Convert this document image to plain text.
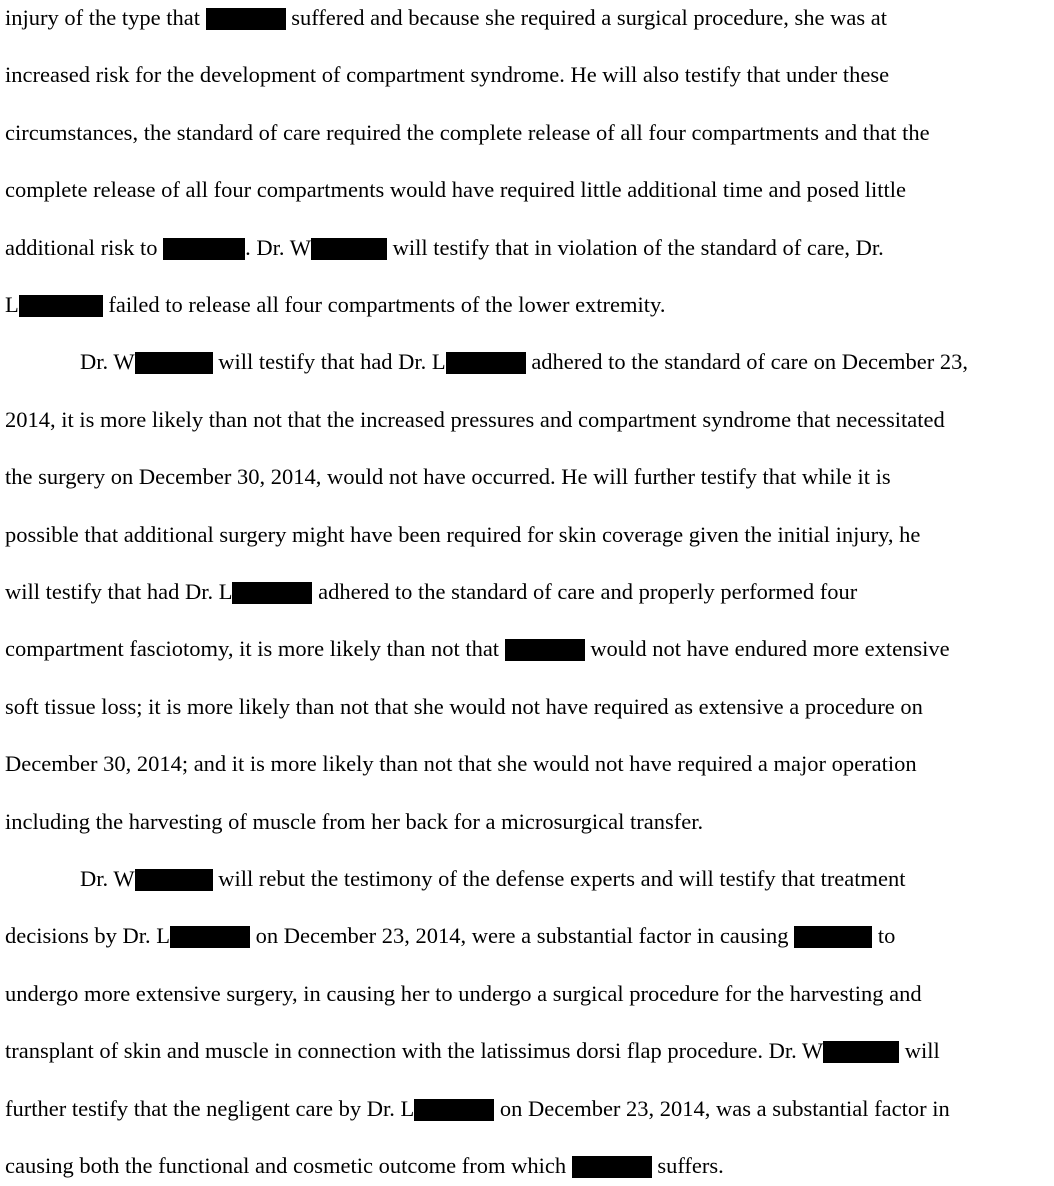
injury of the type that	suffered and because she required a surgical procedure, she was at
increased risk for the development of compartment syndrome. He will also testify that under these
circumstances, the standard of care required the complete release of all four compartments and that the
complete release of all four compartments would have required little additional time and posed little
additional risk to	. Dr. W	will testify that in violation of the standard of care, Dr.
L	failed to release all four compartments of the lower extremity.
Dr. W	will testify that had Dr. L	adhered to the standard of care on December 23,
2014, it is more likely than not that the increased pressures and compartment syndrome that necessitated
the surgery on December 30, 2014, would not have occurred. He will further testify that while it is
possible that additional surgery might have been required for skin coverage given the initial injury, he
will testify that had Dr. L	adhered to the standard of care and properly performed four
compartment fasciotomy, it is more likely than not that	would not have endured more extensive
soft tissue loss; it is more likely than not that she would not have required as extensive a procedure on
December 30, 2014; and it is more likely than not that she would not have required a major operation
including the harvesting of muscle from her back for a microsurgical transfer.
Dr. W	will rebut the testimony of the defense experts and will testify that treatment
decisions by Dr. L	on December 23, 2014, were a substantial factor in causing	to
undergo more extensive surgery, in causing her to undergo a surgical procedure for the harvesting and
transplant of skin and muscle in connection with the latissimus dorsi flap procedure. Dr. W	will
further testify that the negligent care by Dr. L	on December 23, 2014, was a substantial factor in
causing both the functional and cosmetic outcome from which	suffers.
